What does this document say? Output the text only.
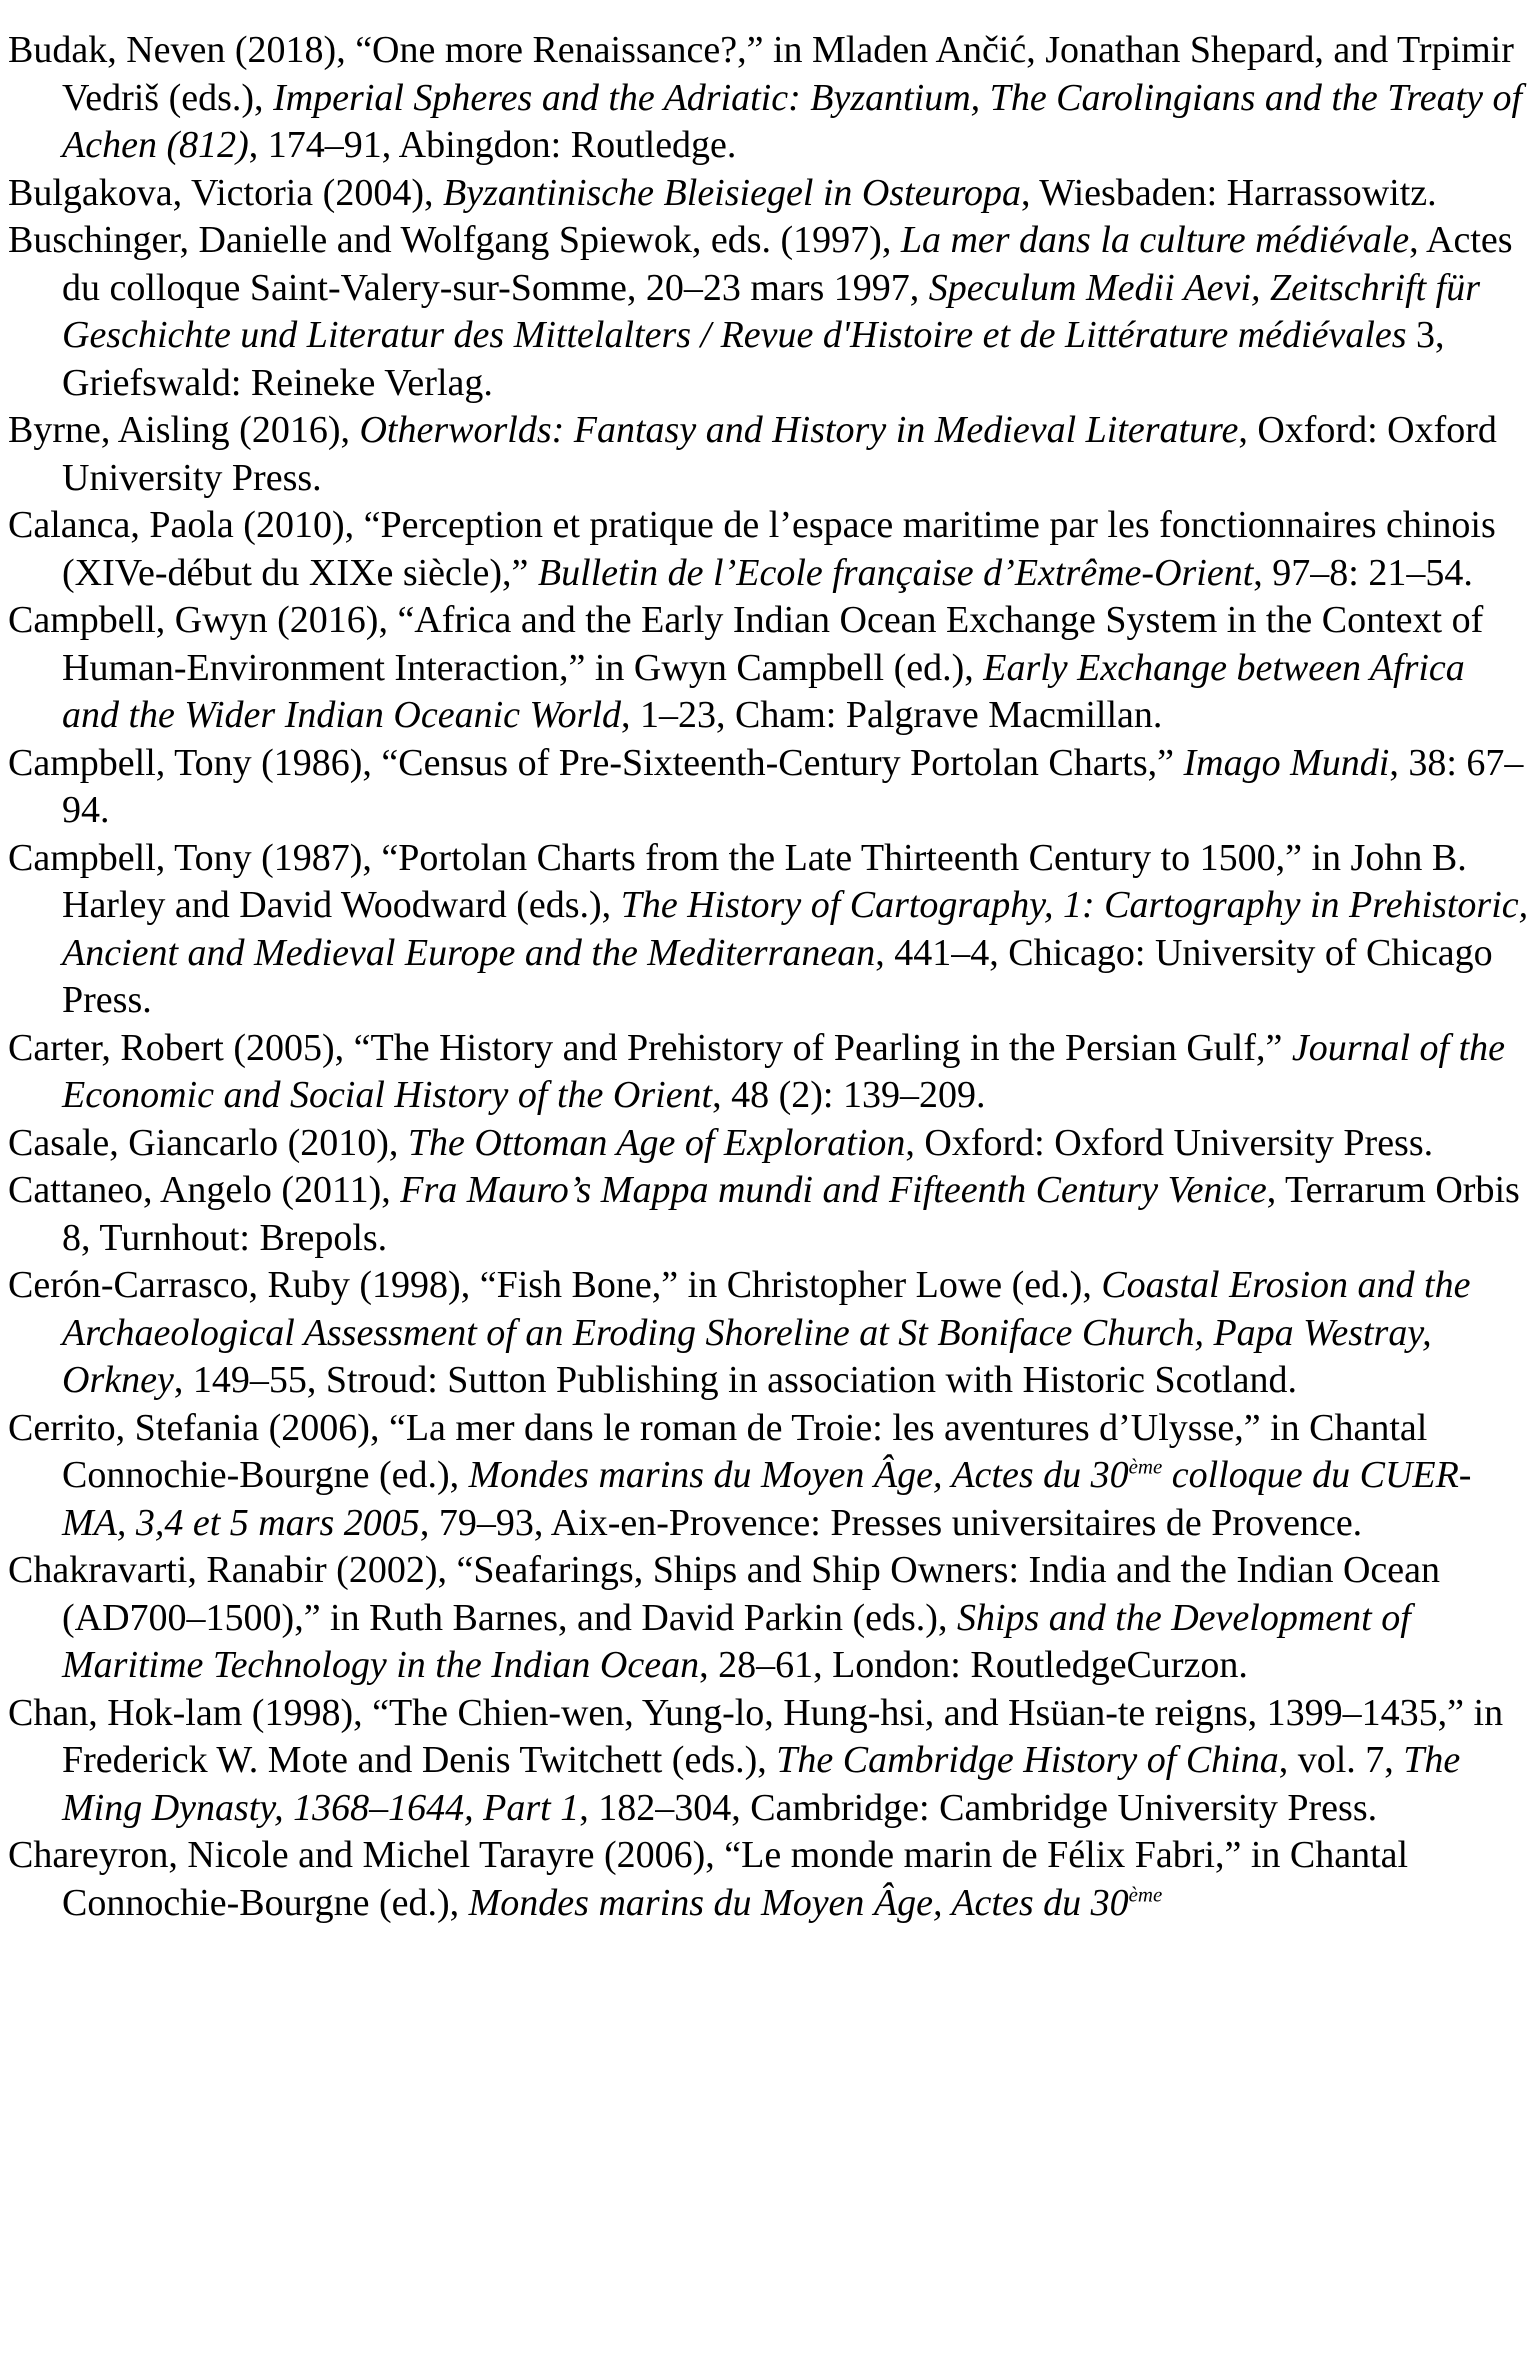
Budak, Neven (2018), “One more Renaissance?,” in Mladen Ančić, Jonathan Shepard, and Trpimir Vedriš (eds.), Imperial Spheres and the Adriatic: Byzantium, The Carolingians and the Treaty of Achen (812), 174–91, Abingdon: Routledge.

Bulgakova, Victoria (2004), Byzantinische Bleisiegel in Osteuropa, Wiesbaden: Harrassowitz.

Buschinger, Danielle and Wolfgang Spiewok, eds. (1997), La mer dans la culture médiévale, Actes du colloque Saint-Valery-sur-Somme, 20–23 mars 1997, Speculum Medii Aevi, Zeitschrift für Geschichte und Literatur des Mittelalters / Revue d'Histoire et de Littérature médiévales 3, Griefswald: Reineke Verlag.

Byrne, Aisling (2016), Otherworlds: Fantasy and History in Medieval Literature, Oxford: Oxford University Press.

Calanca, Paola (2010), “Perception et pratique de l’espace maritime par les fonctionnaires chinois (XIVe-début du XIXe siècle),” Bulletin de l’Ecole française d’Extrême-Orient, 97–8: 21–54.

Campbell, Gwyn (2016), “Africa and the Early Indian Ocean Exchange System in the Context of Human-Environment Interaction,” in Gwyn Campbell (ed.), Early Exchange between Africa and the Wider Indian Oceanic World, 1–23, Cham: Palgrave Macmillan.

Campbell, Tony (1986), “Census of Pre-Sixteenth-Century Portolan Charts,” Imago Mundi, 38: 67–94.

Campbell, Tony (1987), “Portolan Charts from the Late Thirteenth Century to 1500,” in John B. Harley and David Woodward (eds.), The History of Cartography, 1: Cartography in Prehistoric, Ancient and Medieval Europe and the Mediterranean, 441–4, Chicago: University of Chicago Press.

Carter, Robert (2005), “The History and Prehistory of Pearling in the Persian Gulf,” Journal of the Economic and Social History of the Orient, 48 (2): 139–209.

Casale, Giancarlo (2010), The Ottoman Age of Exploration, Oxford: Oxford University Press.

Cattaneo, Angelo (2011), Fra Mauro’s Mappa mundi and Fifteenth Century Venice, Terrarum Orbis 8, Turnhout: Brepols.

Cerón-Carrasco, Ruby (1998), “Fish Bone,” in Christopher Lowe (ed.), Coastal Erosion and the Archaeological Assessment of an Eroding Shoreline at St Boniface Church, Papa Westray, Orkney, 149–55, Stroud: Sutton Publishing in association with Historic Scotland.

Cerrito, Stefania (2006), “La mer dans le roman de Troie: les aventures d’Ulysse,” in Chantal Connochie-Bourgne (ed.), Mondes marins du Moyen Âge, Actes du 30ème colloque du CUER-MA, 3,4 et 5 mars 2005, 79–93, Aix-en-Provence: Presses universitaires de Provence.

Chakravarti, Ranabir (2002), “Seafarings, Ships and Ship Owners: India and the Indian Ocean (AD700–1500),” in Ruth Barnes, and David Parkin (eds.), Ships and the Development of Maritime Technology in the Indian Ocean, 28–61, London: RoutledgeCurzon.

Chan, Hok-lam (1998), “The Chien-wen, Yung-lo, Hung-hsi, and Hsüan-te reigns, 1399–1435,” in Frederick W. Mote and Denis Twitchett (eds.), The Cambridge History of China, vol. 7, The Ming Dynasty, 1368–1644, Part 1, 182–304, Cambridge: Cambridge University Press.

Chareyron, Nicole and Michel Tarayre (2006), “Le monde marin de Félix Fabri,” in Chantal Connochie-Bourgne (ed.), Mondes marins du Moyen Âge, Actes du 30ème
